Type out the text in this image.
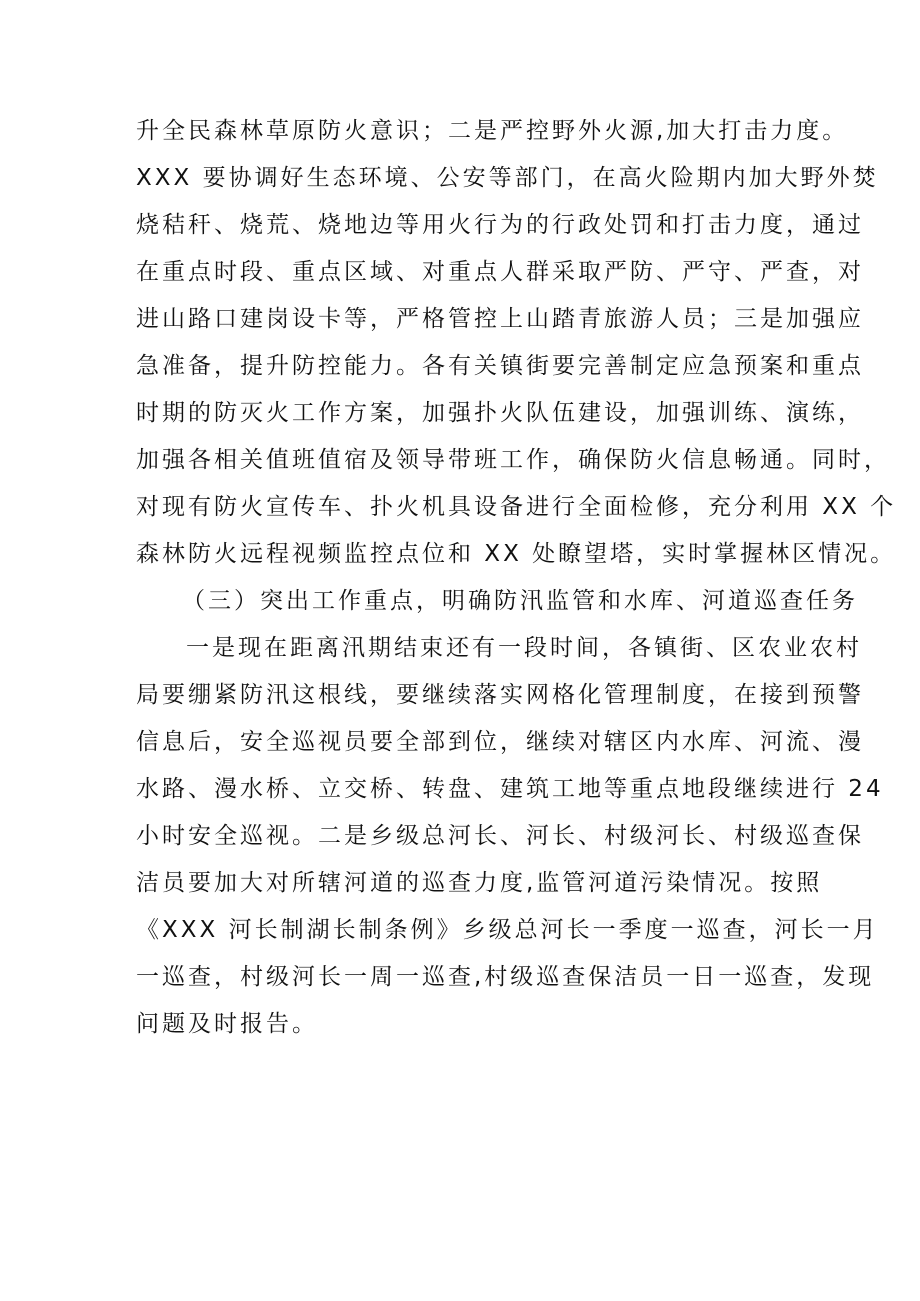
升全民森林草原防火意识；二是严控野外火源,加大打击力度。
XXX 要协调好生态环境、公安等部门，在高火险期内加大野外焚
烧秸秆、烧荒、烧地边等用火行为的行政处罚和打击力度，通过
在重点时段、重点区域、对重点人群采取严防、严守、严查，对
进山路口建岗设卡等，严格管控上山踏青旅游人员；三是加强应
急准备，提升防控能力。各有关镇街要完善制定应急预案和重点
时期的防灭火工作方案，加强扑火队伍建设，加强训练、演练，
加强各相关值班值宿及领导带班工作，确保防火信息畅通。同时，
对现有防火宣传车、扑火机具设备进行全面检修，充分利用 XX 个
森林防火远程视频监控点位和 XX 处瞭望塔，实时掌握林区情况。
（三）突出工作重点，明确防汛监管和水库、河道巡查任务
一是现在距离汛期结束还有一段时间，各镇街、区农业农村
局要绷紧防汛这根线，要继续落实网格化管理制度，在接到预警
信息后，安全巡视员要全部到位，继续对辖区内水库、河流、漫
水路、漫水桥、立交桥、转盘、建筑工地等重点地段继续进行 24
小时安全巡视。二是乡级总河长、河长、村级河长、村级巡查保
洁员要加大对所辖河道的巡查力度,监管河道污染情况。按照
《XXX 河长制湖长制条例》乡级总河长一季度一巡查，河长一月
一巡查，村级河长一周一巡查,村级巡查保洁员一日一巡查，发现
问题及时报告。
